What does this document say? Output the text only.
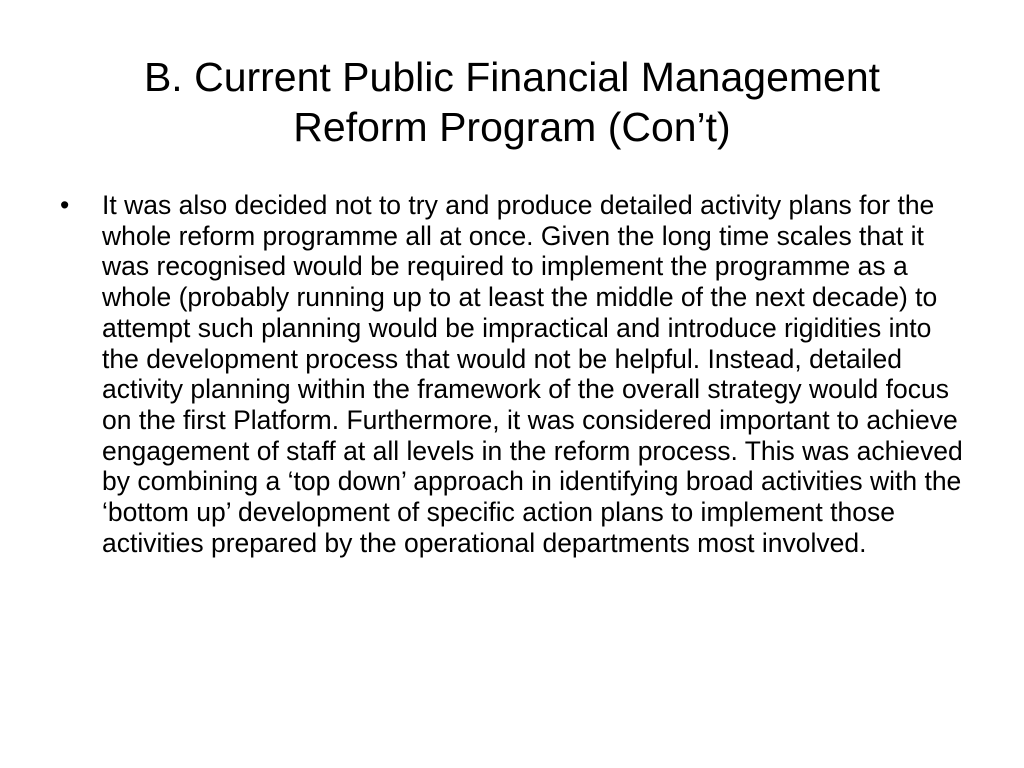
B. Current Public Financial Management
Reform Program (Con’t)
•	It was also decided not to try and produce detailed activity plans for the whole reform programme all at once. Given the long time scales that it was recognised would be required to implement the programme as a whole (probably running up to at least the middle of the next decade) to attempt such planning would be impractical and introduce rigidities into the development process that would not be helpful. Instead, detailed activity planning within the framework of the overall strategy would focus on the first Platform. Furthermore, it was considered important to achieve engagement of staff at all levels in the reform process. This was achieved by combining a ‘top down’ approach in identifying broad activities with the ‘bottom up’ development of specific action plans to implement those activities prepared by the operational departments most involved.
